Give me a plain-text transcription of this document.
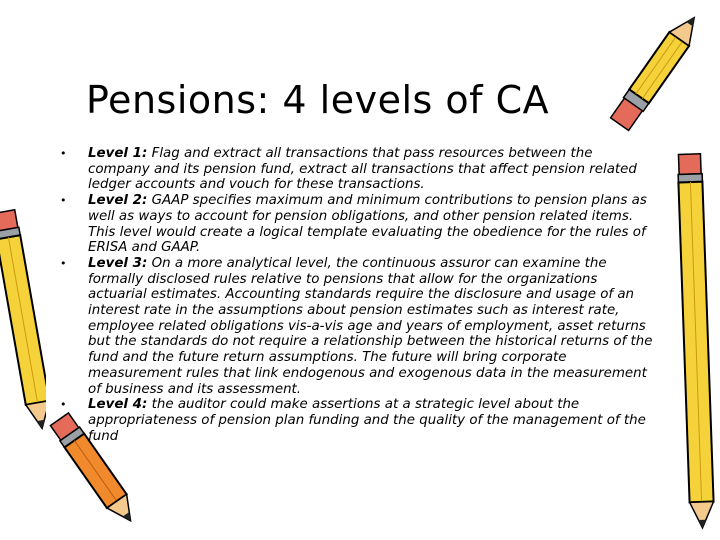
Pensions: 4 levels of CA
• Level 1: Flag and extract all transactions that pass resources between the company and its pension fund, extract all transactions that affect pension related ledger accounts and vouch for these transactions.
• Level 2: GAAP specifies maximum and minimum contributions to pension plans as well as ways to account for pension obligations, and other pension related items. This level would create a logical template evaluating the obedience for the rules of ERISA and GAAP.
• Level 3: On a more analytical level, the continuous assuror can examine the formally disclosed rules relative to pensions that allow for the organizations actuarial estimates. Accounting standards require the disclosure and usage of an interest rate in the assumptions about pension estimates such as interest rate, employee related obligations vis-a-vis age and years of employment, asset returns but the standards do not require a relationship between the historical returns of the fund and the future return assumptions. The future will bring corporate measurement rules that link endogenous and exogenous data in the measurement of business and its assessment.
• Level 4: the auditor could make assertions at a strategic level about the appropriateness of pension plan funding and the quality of the management of the fund
